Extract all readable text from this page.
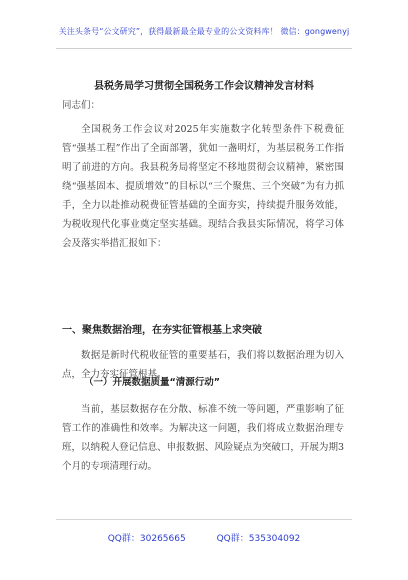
关注头条号“公文研究”，获得最新最全最专业的公文资料库！ 微信：gongwenyj
县税务局学习贯彻全国税务工作会议精神发言材料
同志们：
全国税务工作会议对2025年实施数字化转型条件下税费征管“强基工程”作出了全面部署，犹如一盏明灯，为基层税务工作指明了前进的方向。我县税务局将坚定不移地贯彻会议精神，紧密围绕“强基固本、提质增效”的目标以“三个聚焦、三个突破”为有力抓手，全力以赴推动税费征管基础的全面夯实，持续提升服务效能，为税收现代化事业奠定坚实基础。现结合我县实际情况，将学习体会及落实举措汇报如下：
一、聚焦数据治理，在夯实征管根基上求突破
数据是新时代税收征管的重要基石，我们将以数据治理为切入点，全力夯实征管根基。
（一）开展数据质量“清源行动”
当前，基层数据存在分散、标准不统一等问题，严重影响了征管工作的准确性和效率。为解决这一问题，我们将成立数据治理专班，以纳税人登记信息、申报数据、风险疑点为突破口，开展为期3个月的专项清理行动。
QQ群：30265665	QQ群：535304092
